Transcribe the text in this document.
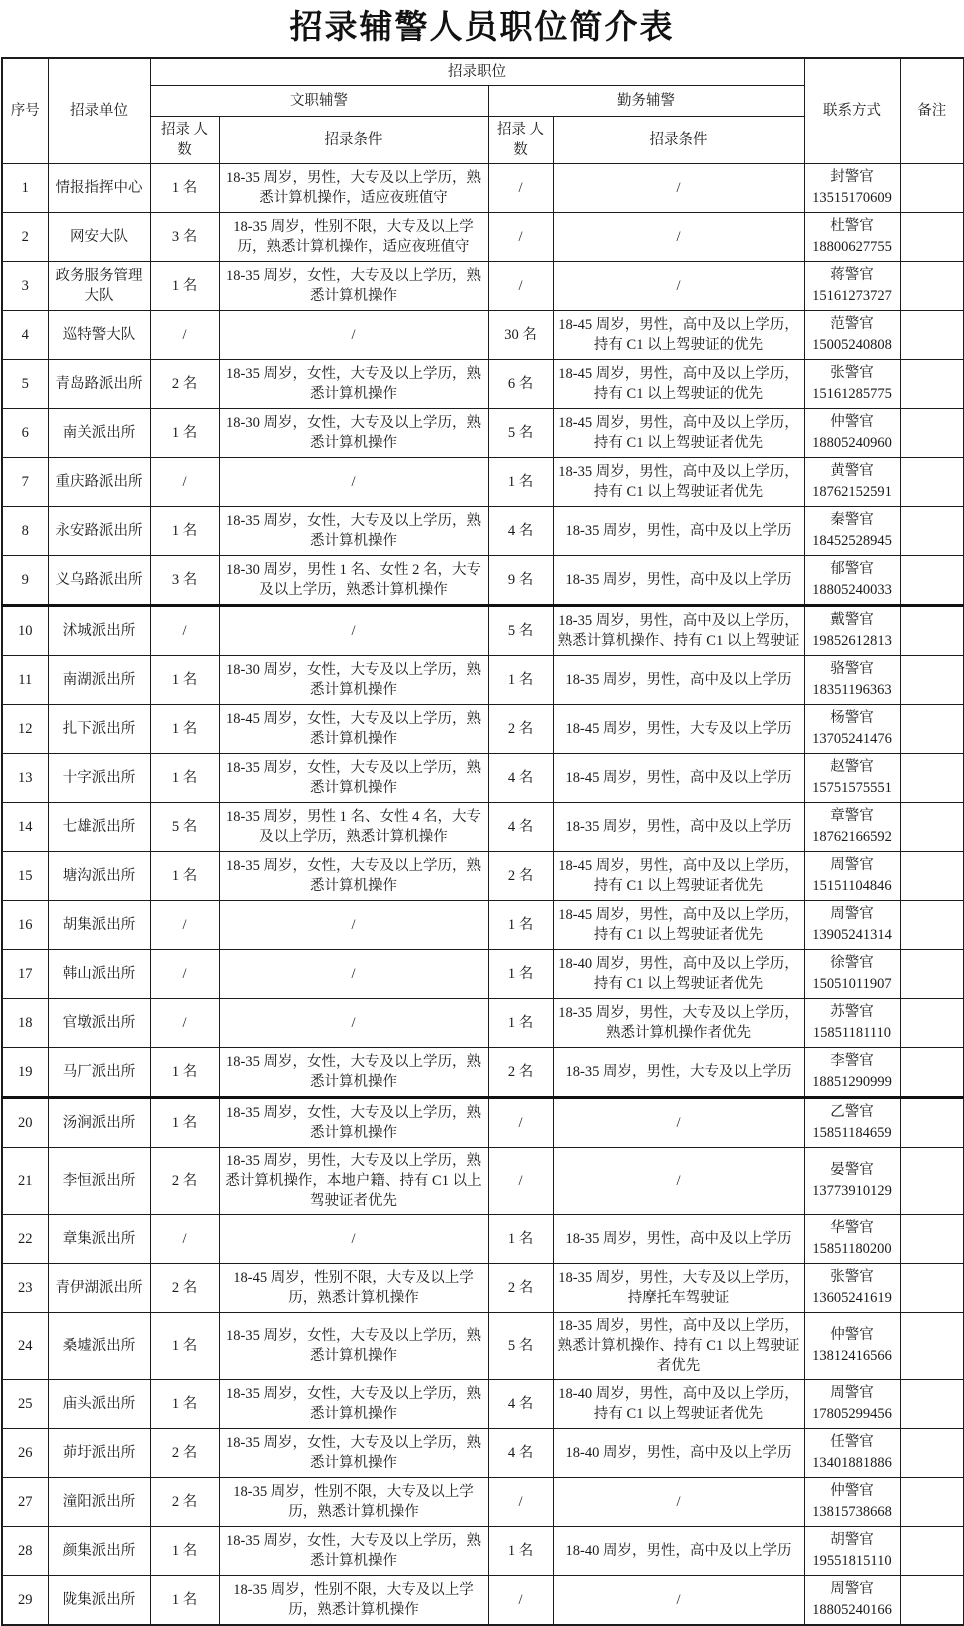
招录辅警人员职位简介表
序号	招录单位	招录职位				联系方式	备注
		文职辅警		勤务辅警			
		招录 人数	招录条件	招录 人数	招录条件		
1	情报指挥中心	1 名	18-35 周岁，男性，大专及以上学历，熟悉计算机操作，适应夜班值守	/	/	封警官
13515170609	

2	网安大队	3 名	18-35 周岁，性别不限，大专及以上学历，熟悉计算机操作，适应夜班值守	/	/	杜警官
18800627755	

3	政务服务管理大队	1 名	18-35 周岁，女性，大专及以上学历，熟悉计算机操作	/	/	蒋警官
15161273727	

4	巡特警大队	/	/	30 名	18-45 周岁，男性，高中及以上学历，持有 C1 以上驾驶证的优先	范警官
15005240808	

5	青岛路派出所	2 名	18-35 周岁，女性，大专及以上学历，熟悉计算机操作	6 名	18-45 周岁，男性，高中及以上学历，持有 C1 以上驾驶证的优先	张警官
15161285775	

6	南关派出所	1 名	18-30 周岁，女性，大专及以上学历，熟悉计算机操作	5 名	18-45 周岁，男性，高中及以上学历，持有 C1 以上驾驶证者优先	仲警官
18805240960	

7	重庆路派出所	/	/	1 名	18-35 周岁，男性，高中及以上学历，持有 C1 以上驾驶证者优先	黄警官
18762152591	

8	永安路派出所	1 名	18-35 周岁，女性，大专及以上学历，熟悉计算机操作	4 名	18-35 周岁，男性，高中及以上学历	秦警官
18452528945	

9	义乌路派出所	3 名	18-30 周岁，男性 1 名、女性 2 名，大专及以上学历，熟悉计算机操作	9 名	18-35 周岁，男性，高中及以上学历	郁警官
18805240033	

10	沭城派出所	/	/	5 名	18-35 周岁，男性，高中及以上学历，熟悉计算机操作、持有 C1 以上驾驶证	戴警官
19852612813	

11	南湖派出所	1 名	18-30 周岁，女性，大专及以上学历，熟悉计算机操作	1 名	18-35 周岁，男性，高中及以上学历	骆警官
18351196363	

12	扎下派出所	1 名	18-45 周岁，女性，大专及以上学历，熟悉计算机操作	2 名	18-45 周岁，男性，大专及以上学历	杨警官
13705241476	

13	十字派出所	1 名	18-35 周岁，女性，大专及以上学历，熟悉计算机操作	4 名	18-45 周岁，男性，高中及以上学历	赵警官
15751575551	

14	七雄派出所	5 名	18-35 周岁，男性 1 名、女性 4 名，大专及以上学历，熟悉计算机操作	4 名	18-35 周岁，男性，高中及以上学历	章警官
18762166592	

15	塘沟派出所	1 名	18-35 周岁，女性，大专及以上学历，熟悉计算机操作	2 名	18-45 周岁，男性，高中及以上学历，持有 C1 以上驾驶证者优先	周警官
15151104846	

16	胡集派出所	/	/	1 名	18-45 周岁，男性，高中及以上学历，持有 C1 以上驾驶证者优先	周警官
13905241314	

17	韩山派出所	/	/	1 名	18-40 周岁，男性，高中及以上学历，持有 C1 以上驾驶证者优先	徐警官
15051011907	

18	官墩派出所	/	/	1 名	18-35 周岁，男性，大专及以上学历，熟悉计算机操作者优先	苏警官
15851181110	

19	马厂派出所	1 名	18-35 周岁，女性，大专及以上学历，熟悉计算机操作	2 名	18-35 周岁，男性，大专及以上学历	李警官
18851290999	

20	汤涧派出所	1 名	18-35 周岁，女性，大专及以上学历，熟悉计算机操作	/	/	乙警官
15851184659	

21	李恒派出所	2 名	18-35 周岁，男性，大专及以上学历，熟悉计算机操作，本地户籍、持有 C1 以上驾驶证者优先	/	/	晏警官
13773910129	

22	章集派出所	/	/	1 名	18-35 周岁，男性，高中及以上学历	华警官
15851180200	

23	青伊湖派出所	2 名	18-45 周岁，性别不限，大专及以上学历，熟悉计算机操作	2 名	18-35 周岁，男性，大专及以上学历，持摩托车驾驶证	张警官
13605241619	

24	桑墟派出所	1 名	18-35 周岁，女性，大专及以上学历，熟悉计算机操作	5 名	18-35 周岁，男性，高中及以上学历，熟悉计算机操作、持有 C1 以上驾驶证者优先	仲警官
13812416566	

25	庙头派出所	1 名	18-35 周岁，女性，大专及以上学历，熟悉计算机操作	4 名	18-40 周岁，男性，高中及以上学历，持有 C1 以上驾驶证者优先	周警官
17805299456	

26	茆圩派出所	2 名	18-35 周岁，女性，大专及以上学历，熟悉计算机操作	4 名	18-40 周岁，男性，高中及以上学历	任警官
13401881886	

27	潼阳派出所	2 名	18-35 周岁，性别不限，大专及以上学历，熟悉计算机操作	/	/	仲警官
13815738668	

28	颜集派出所	1 名	18-35 周岁，女性，大专及以上学历，熟悉计算机操作	1 名	18-40 周岁，男性，高中及以上学历	胡警官
19551815110	

29	陇集派出所	1 名	18-35 周岁，性别不限，大专及以上学历，熟悉计算机操作	/	/	周警官
18805240166	
